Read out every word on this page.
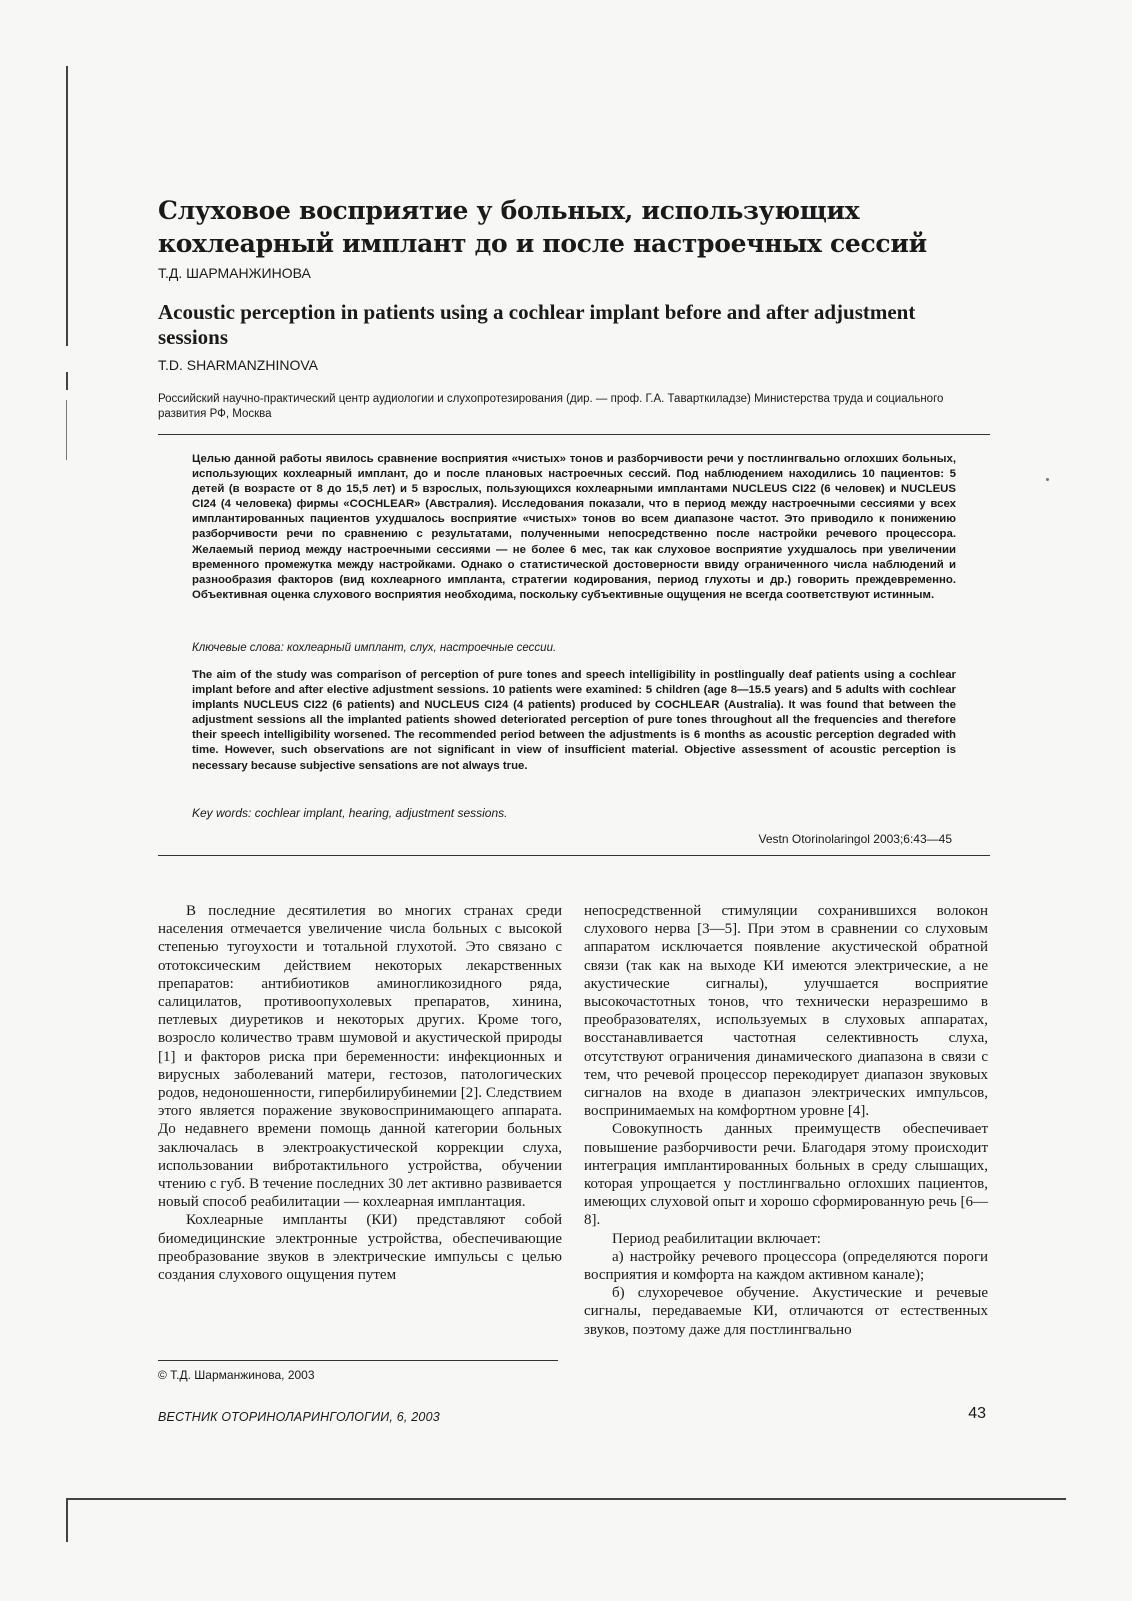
Слуховое восприятие у больных, использующих кохлеарный имплант до и после настроечных сессий
Т.Д. ШАРМАНЖИНОВА
Acoustic perception in patients using a cochlear implant before and after adjustment sessions
T.D. SHARMANZHINOVA
Российский научно-практический центр аудиологии и слухопротезирования (дир. — проф. Г.А. Таварткиладзе) Министерства труда и социального развития РФ, Москва
Целью данной работы явилось сравнение восприятия «чистых» тонов и разборчивости речи у постлингвально оглохших больных, использующих кохлеарный имплант, до и после плановых настроечных сессий. Под наблюдением находились 10 пациентов: 5 детей (в возрасте от 8 до 15,5 лет) и 5 взрослых, пользующихся кохлеарными имплантами NUCLEUS CI22 (6 человек) и NUCLEUS CI24 (4 человека) фирмы «COCHLEAR» (Австралия). Исследования показали, что в период между настроечными сессиями у всех имплантированных пациентов ухудшалось восприятие «чистых» тонов во всем диапазоне частот. Это приводило к понижению разборчивости речи по сравнению с результатами, полученными непосредственно после настройки речевого процессора. Желаемый период между настроечными сессиями — не более 6 мес, так как слуховое восприятие ухудшалось при увеличении временного промежутка между настройками. Однако о статистической достоверности ввиду ограниченного числа наблюдений и разнообразия факторов (вид кохлеарного импланта, стратегии кодирования, период глухоты и др.) говорить преждевременно. Объективная оценка слухового восприятия необходима, поскольку субъективные ощущения не всегда соответствуют истинным.
Ключевые слова: кохлеарный имплант, слух, настроечные сессии.
The aim of the study was comparison of perception of pure tones and speech intelligibility in postlingually deaf patients using a cochlear implant before and after elective adjustment sessions. 10 patients were examined: 5 children (age 8—15.5 years) and 5 adults with cochlear implants NUCLEUS CI22 (6 patients) and NUCLEUS CI24 (4 patients) produced by COCHLEAR (Australia). It was found that between the adjustment sessions all the implanted patients showed deteriorated perception of pure tones throughout all the frequencies and therefore their speech intelligibility worsened. The recommended period between the adjustments is 6 months as acoustic perception degraded with time. However, such observations are not significant in view of insufficient material. Objective assessment of acoustic perception is necessary because subjective sensations are not always true.
Key words: cochlear implant, hearing, adjustment sessions.
Vestn Otorinolaringol 2003;6:43—45

В последние десятилетия во многих странах среди населения отмечается увеличение числа больных с высокой степенью тугоухости и тотальной глухотой. Это связано с ототоксическим действием некоторых лекарственных препаратов: антибиотиков аминогликозидного ряда, салицилатов, противоопухолевых препаратов, хинина, петлевых диуретиков и некоторых других. Кроме того, возросло количество травм шумовой и акустической природы [1] и факторов риска при беременности: инфекционных и вирусных заболеваний матери, гестозов, патологических родов, недоношенности, гипербилирубинемии [2]. Следствием этого является поражение звуковоспринимающего аппарата. До недавнего времени помощь данной категории больных заключалась в электроакустической коррекции слуха, использовании вибротактильного устройства, обучении чтению с губ. В течение последних 30 лет активно развивается новый способ реабилитации — кохлеарная имплантация.

Кохлеарные импланты (КИ) представляют собой биомедицинские электронные устройства, обеспечивающие преобразование звуков в электрические импульсы с целью создания слухового ощущения путем

непосредственной стимуляции сохранившихся волокон слухового нерва [3—5]. При этом в сравнении со слуховым аппаратом исключается появление акустической обратной связи (так как на выходе КИ имеются электрические, а не акустические сигналы), улучшается восприятие высокочастотных тонов, что технически неразрешимо в преобразователях, используемых в слуховых аппаратах, восстанавливается частотная селективность слуха, отсутствуют ограничения динамического диапазона в связи с тем, что речевой процессор перекодирует диапазон звуковых сигналов на входе в диапазон электрических импульсов, воспринимаемых на комфортном уровне [4].

Совокупность данных преимуществ обеспечивает повышение разборчивости речи. Благодаря этому происходит интеграция имплантированных больных в среду слышащих, которая упрощается у постлингвально оглохших пациентов, имеющих слуховой опыт и хорошо сформированную речь [6—8].

Период реабилитации включает:

а) настройку речевого процессора (определяются пороги восприятия и комфорта на каждом активном канале);

б) слухоречевое обучение. Акустические и речевые сигналы, передаваемые КИ, отличаются от естественных звуков, поэтому даже для постлингвально

© Т.Д. Шарманжинова, 2003
ВЕСТНИК ОТОРИНОЛАРИНГОЛОГИИ, 6, 2003	43
